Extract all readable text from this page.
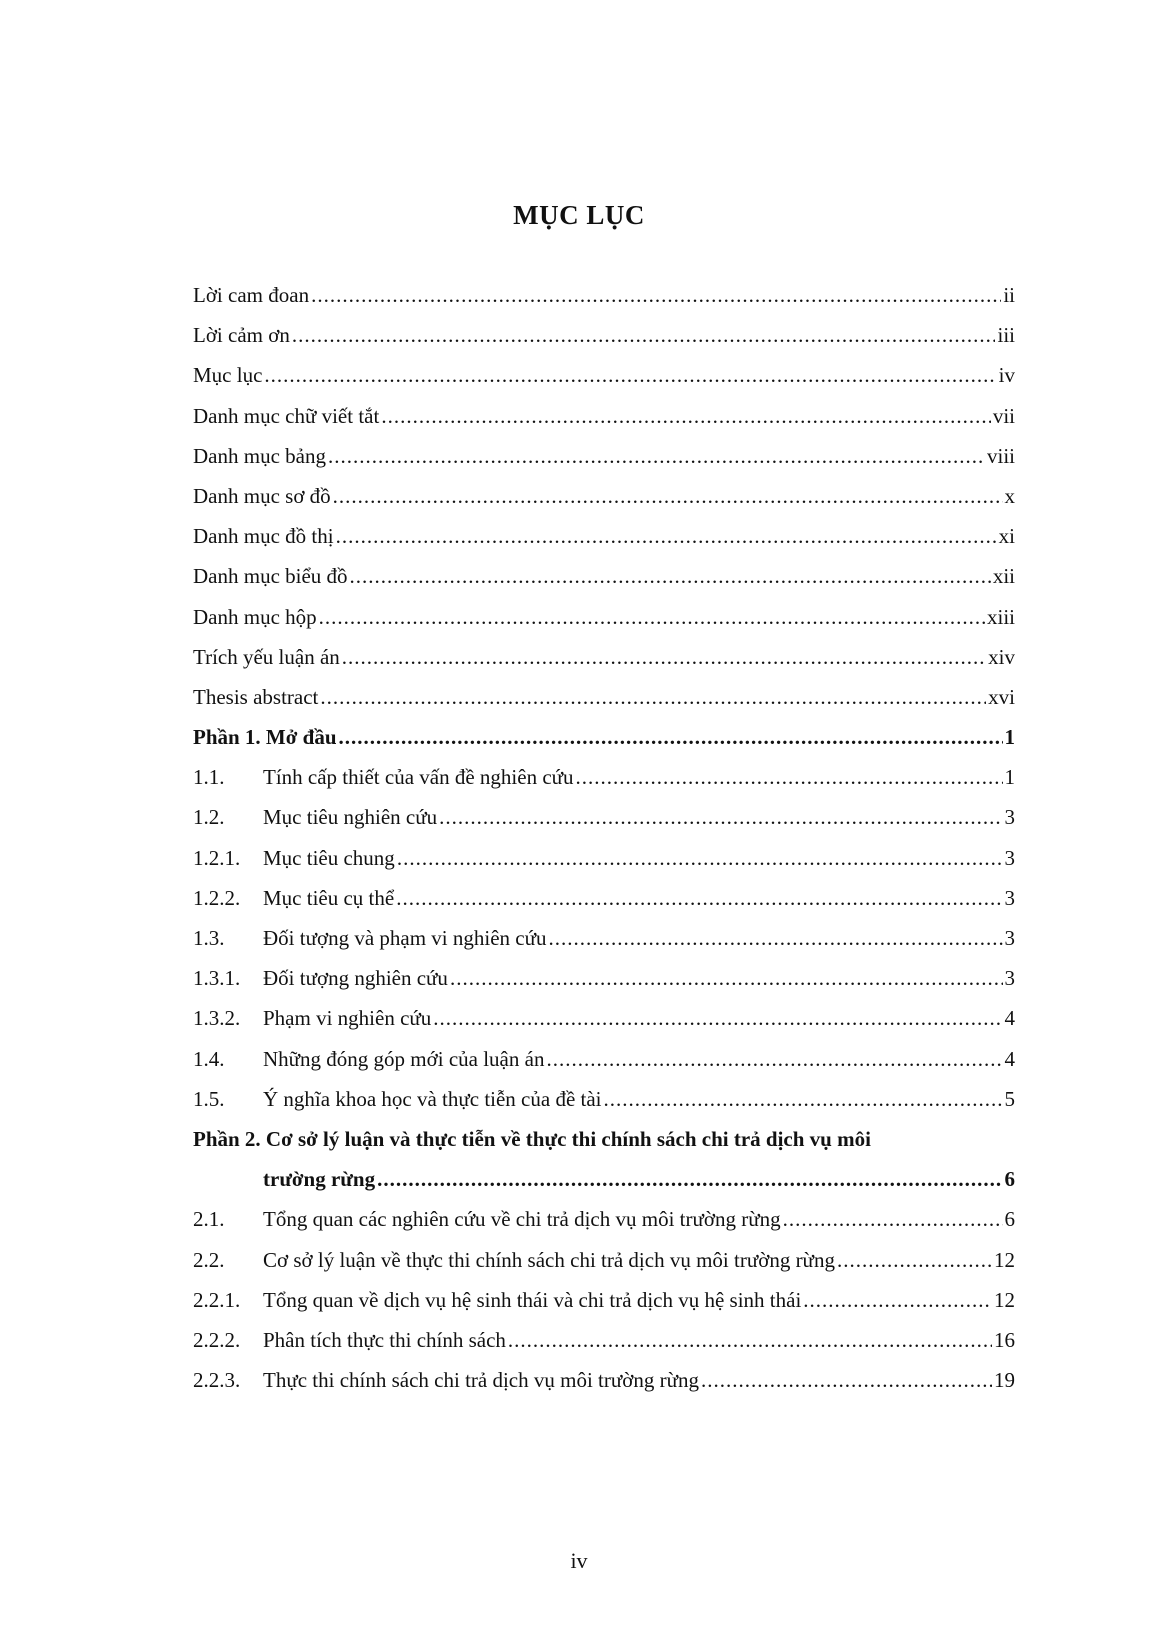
MỤC LỤC
Lời cam đoan .....	ii
Lời cảm ơn .....	iii
Mục lục .....	iv
Danh mục chữ viết tắt .....	vii
Danh mục bảng .....	viii
Danh mục sơ đồ .....	x
Danh mục đồ thị .....	xi
Danh mục biểu đồ .....	xii
Danh mục hộp .....	xiii
Trích yếu luận án .....	xiv
Thesis abstract .....	xvi
Phần 1. Mở đầu .....	1
1.1.	Tính cấp thiết của vấn đề nghiên cứu .....	1
1.2.	Mục tiêu nghiên cứu .....	3
1.2.1.	Mục tiêu chung .....	3
1.2.2.	Mục tiêu cụ thể .....	3
1.3.	Đối tượng và phạm vi nghiên cứu .....	3
1.3.1.	Đối tượng nghiên cứu .....	3
1.3.2.	Phạm vi nghiên cứu .....	4
1.4.	Những đóng góp mới của luận án .....	4
1.5.	Ý nghĩa khoa học và thực tiễn của đề tài .....	5
Phần 2. Cơ sở lý luận và thực tiễn về thực thi chính sách chi trả dịch vụ môi
trường rừng .....	6
2.1.	Tổng quan các nghiên cứu về chi trả dịch vụ môi trường rừng .....	6
2.2.	Cơ sở lý luận về thực thi chính sách chi trả dịch vụ môi trường rừng .....	12
2.2.1.	Tổng quan về dịch vụ hệ sinh thái và chi trả dịch vụ hệ sinh thái .....	12
2.2.2.	Phân tích thực thi chính sách .....	16
2.2.3.	Thực thi chính sách chi trả dịch vụ môi trường rừng .....	19
iv
